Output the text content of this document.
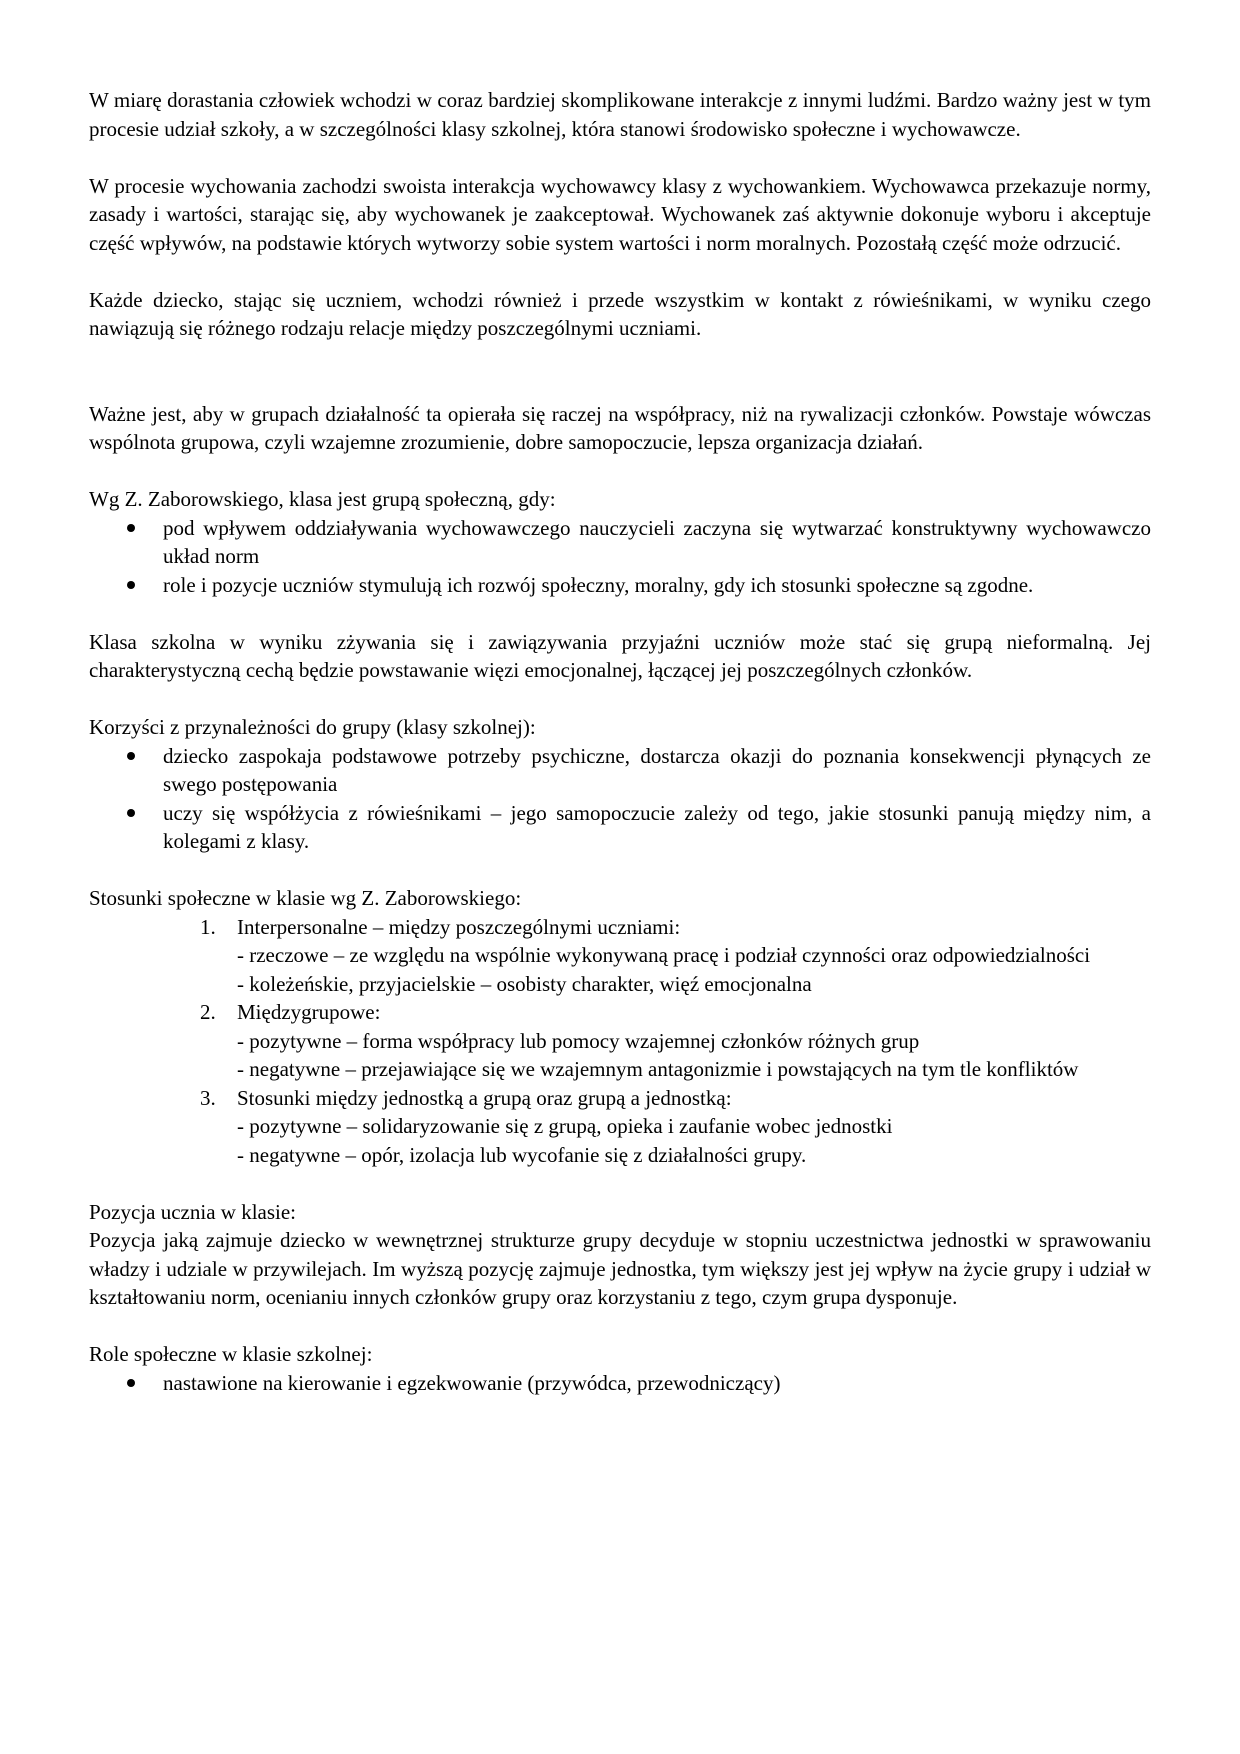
W miarę dorastania człowiek wchodzi w coraz bardziej skomplikowane interakcje z innymi ludźmi. Bardzo ważny jest w tym procesie udział szkoły, a w szczególności klasy szkolnej, która stanowi środowisko społeczne i wychowawcze.

W procesie wychowania zachodzi swoista interakcja wychowawcy klasy z wychowankiem. Wychowawca przekazuje normy, zasady i wartości, starając się, aby wychowanek je zaakceptował. Wychowanek zaś aktywnie dokonuje wyboru i akceptuje część wpływów, na podstawie których wytworzy sobie system wartości i norm moralnych. Pozostałą część może odrzucić.

Każde dziecko, stając się uczniem, wchodzi również i przede wszystkim w kontakt z rówieśnikami, w wyniku czego nawiązują się różnego rodzaju relacje między poszczególnymi uczniami.

Ważne jest, aby w grupach działalność ta opierała się raczej na współpracy, niż na rywalizacji członków. Powstaje wówczas wspólnota grupowa, czyli wzajemne zrozumienie, dobre samopoczucie, lepsza organizacja działań.

Wg Z. Zaborowskiego, klasa jest grupą społeczną, gdy:

pod wpływem oddziaływania wychowawczego nauczycieli zaczyna się wytwarzać konstruktywny wychowawczo układ norm
role i pozycje uczniów stymulują ich rozwój społeczny, moralny, gdy ich stosunki społeczne są zgodne.

Klasa szkolna w wyniku zżywania się i zawiązywania przyjaźni uczniów może stać się grupą nieformalną. Jej charakterystyczną cechą będzie powstawanie więzi emocjonalnej, łączącej jej poszczególnych członków.

Korzyści z przynależności do grupy (klasy szkolnej):

dziecko zaspokaja podstawowe potrzeby psychiczne, dostarcza okazji do poznania konsekwencji płynących ze swego postępowania
uczy się współżycia z rówieśnikami – jego samopoczucie zależy od tego, jakie stosunki panują między nim, a kolegami z klasy.

Stosunki społeczne w klasie wg Z. Zaborowskiego:

1. Interpersonalne – między poszczególnymi uczniami:
- rzeczowe – ze względu na wspólnie wykonywaną pracę i podział czynności oraz odpowiedzialności
- koleżeńskie, przyjacielskie – osobisty charakter, więź emocjonalna
2. Międzygrupowe:
- pozytywne – forma współpracy lub pomocy wzajemnej członków różnych grup
- negatywne – przejawiające się we wzajemnym antagonizmie i powstających na tym tle konfliktów
3. Stosunki między jednostką a grupą oraz grupą a jednostką:
- pozytywne – solidaryzowanie się z grupą, opieka i zaufanie wobec jednostki
- negatywne – opór, izolacja lub wycofanie się z działalności grupy.

Pozycja ucznia w klasie:

Pozycja jaką zajmuje dziecko w wewnętrznej strukturze grupy decyduje w stopniu uczestnictwa jednostki w sprawowaniu władzy i udziale w przywilejach. Im wyższą pozycję zajmuje jednostka, tym większy jest jej wpływ na życie grupy i udział w kształtowaniu norm, ocenianiu innych członków grupy oraz korzystaniu z tego, czym grupa dysponuje.

Role społeczne w klasie szkolnej:

nastawione na kierowanie i egzekwowanie (przywódca, przewodniczący)
